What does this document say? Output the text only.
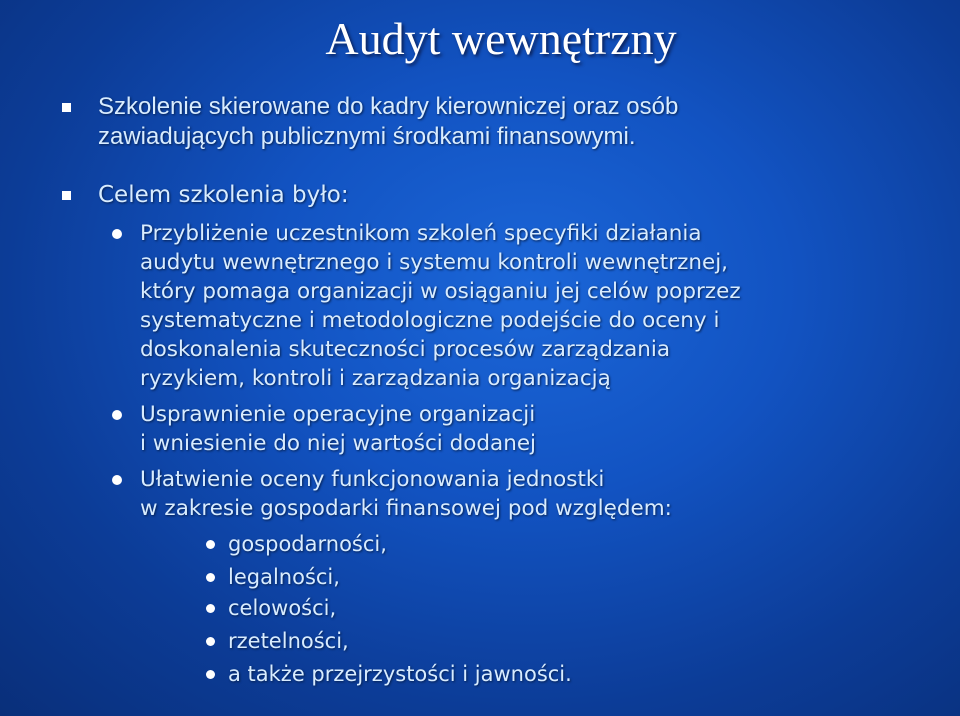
Audyt wewnętrzny
Szkolenie skierowane do kadry kierowniczej oraz osób
zawiadujących publicznymi środkami finansowymi.
Celem szkolenia było:
Przybliżenie uczestnikom szkoleń specyfiki działania
audytu wewnętrznego i systemu kontroli wewnętrznej,
który pomaga organizacji w osiąganiu jej celów poprzez
systematyczne i metodologiczne podejście do oceny i
doskonalenia skuteczności procesów zarządzania
ryzykiem, kontroli i zarządzania organizacją
Usprawnienie operacyjne organizacji
i wniesienie do niej wartości dodanej
Ułatwienie oceny funkcjonowania jednostki
w zakresie gospodarki finansowej pod względem:
gospodarności,
legalności,
celowości,
rzetelności,
a także przejrzystości i jawności.
